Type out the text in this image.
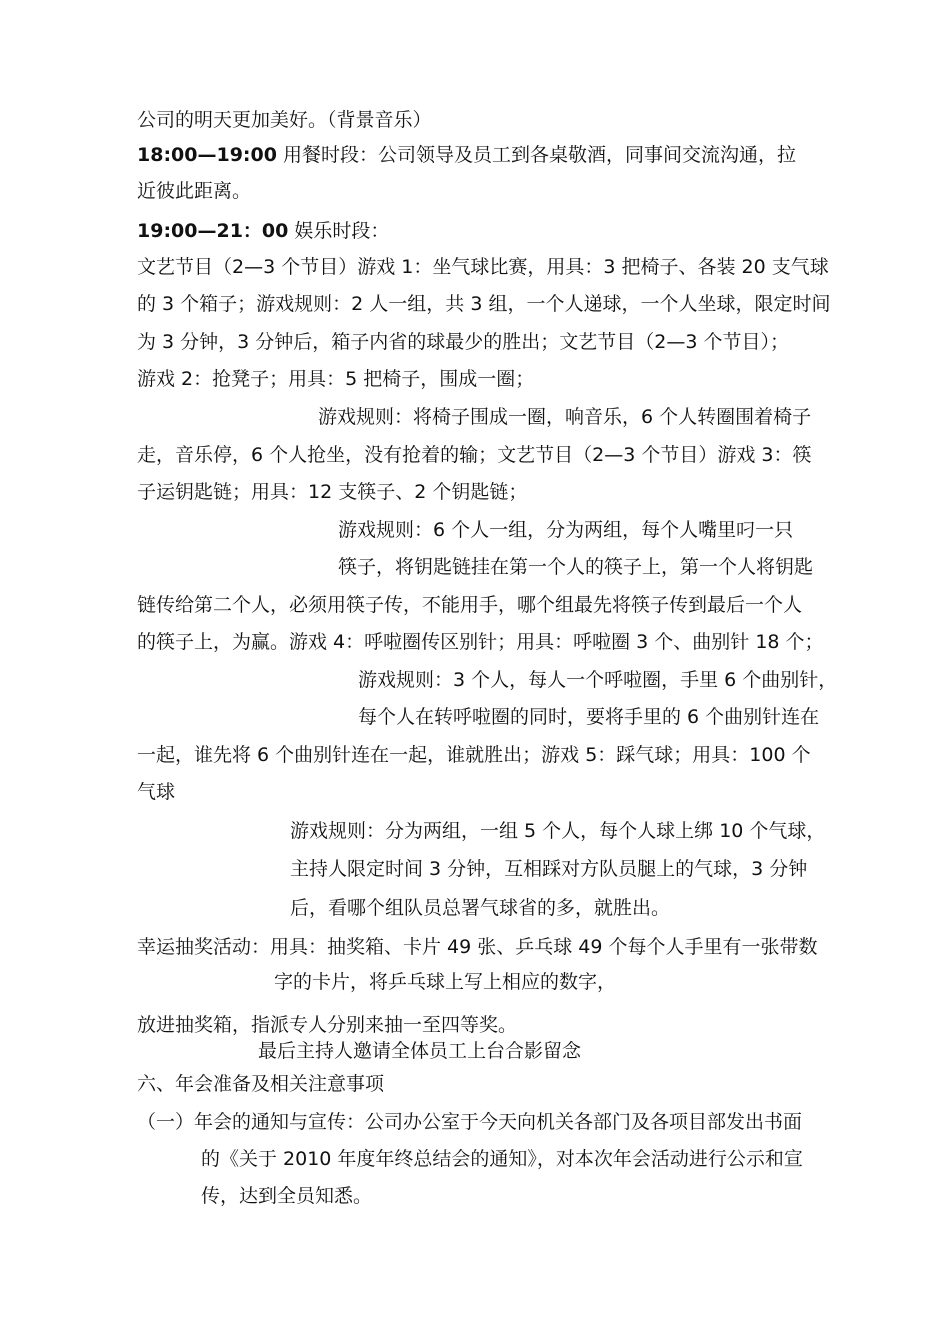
公司的明天更加美好。（背景音乐）
18:00—19:00 用餐时段：公司领导及员工到各桌敬酒，同事间交流沟通，拉
近彼此距离。
19:00—21：00 娱乐时段：
文艺节目（2—3 个节目）游戏 1：坐气球比赛，用具：3 把椅子、各装 20 支气球
的 3 个箱子；游戏规则：2 人一组，共 3 组，一个人递球，一个人坐球，限定时间
为 3 分钟，3 分钟后，箱子内省的球最少的胜出；文艺节目（2—3 个节目）；
游戏 2：抢凳子；用具：5 把椅子，围成一圈；
游戏规则：将椅子围成一圈，响音乐，6 个人转圈围着椅子
走，音乐停，6 个人抢坐，没有抢着的输；文艺节目（2—3 个节目）游戏 3：筷
子运钥匙链；用具：12 支筷子、2 个钥匙链；
游戏规则：6 个人一组，分为两组，每个人嘴里叼一只
筷子，将钥匙链挂在第一个人的筷子上，第一个人将钥匙
链传给第二个人，必须用筷子传，不能用手，哪个组最先将筷子传到最后一个人
的筷子上，为赢。游戏 4：呼啦圈传区别针；用具：呼啦圈 3 个、曲别针 18 个；
游戏规则：3 个人，每人一个呼啦圈，手里 6 个曲别针，
每个人在转呼啦圈的同时，要将手里的 6 个曲别针连在
一起，谁先将 6 个曲别针连在一起，谁就胜出；游戏 5：踩气球；用具：100 个
气球
游戏规则：分为两组，一组 5 个人，每个人球上绑 10 个气球，
主持人限定时间 3 分钟，互相踩对方队员腿上的气球，3 分钟
后，看哪个组队员总署气球省的多，就胜出。
幸运抽奖活动：用具：抽奖箱、卡片 49 张、乒乓球 49 个每个人手里有一张带数
字的卡片，将乒乓球上写上相应的数字，
放进抽奖箱，指派专人分别来抽一至四等奖。
最后主持人邀请全体员工上台合影留念
六、年会准备及相关注意事项
（一）年会的通知与宣传：公司办公室于今天向机关各部门及各项目部发出书面
的《关于 2010 年度年终总结会的通知》，对本次年会活动进行公示和宣
传，达到全员知悉。
